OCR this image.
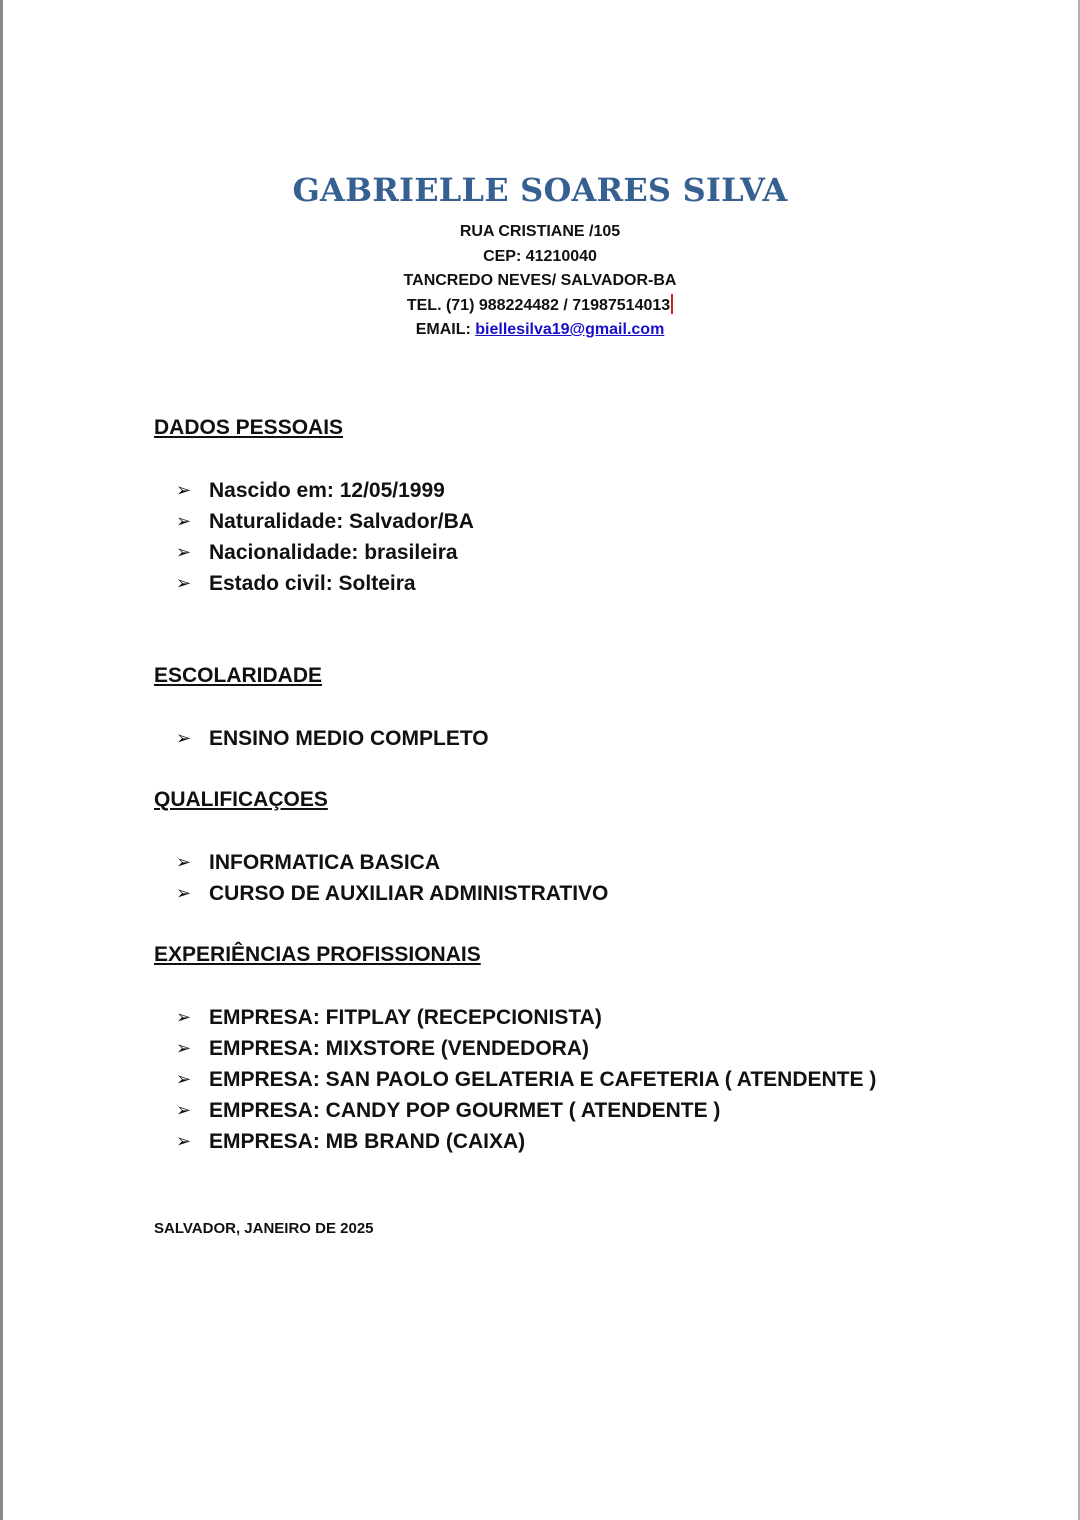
GABRIELLE SOARES SILVA
RUA CRISTIANE /105
CEP: 41210040
TANCREDO NEVES/ SALVADOR-BA
TEL. (71) 988224482 / 71987514013
EMAIL: biellesilva19@gmail.com
DADOS PESSOAIS
➢ Nascido em: 12/05/1999
➢ Naturalidade: Salvador/BA
➢ Nacionalidade: brasileira
➢ Estado civil: Solteira
ESCOLARIDADE
➢ ENSINO MEDIO COMPLETO
QUALIFICAÇOES
➢ INFORMATICA BASICA
➢ CURSO DE AUXILIAR ADMINISTRATIVO
EXPERIÊNCIAS PROFISSIONAIS
➢ EMPRESA: FITPLAY (RECEPCIONISTA)
➢ EMPRESA: MIXSTORE (VENDEDORA)
➢ EMPRESA: SAN PAOLO GELATERIA E CAFETERIA ( ATENDENTE )
➢ EMPRESA: CANDY POP GOURMET ( ATENDENTE )
➢ EMPRESA: MB BRAND (CAIXA)
SALVADOR, JANEIRO DE 2025
